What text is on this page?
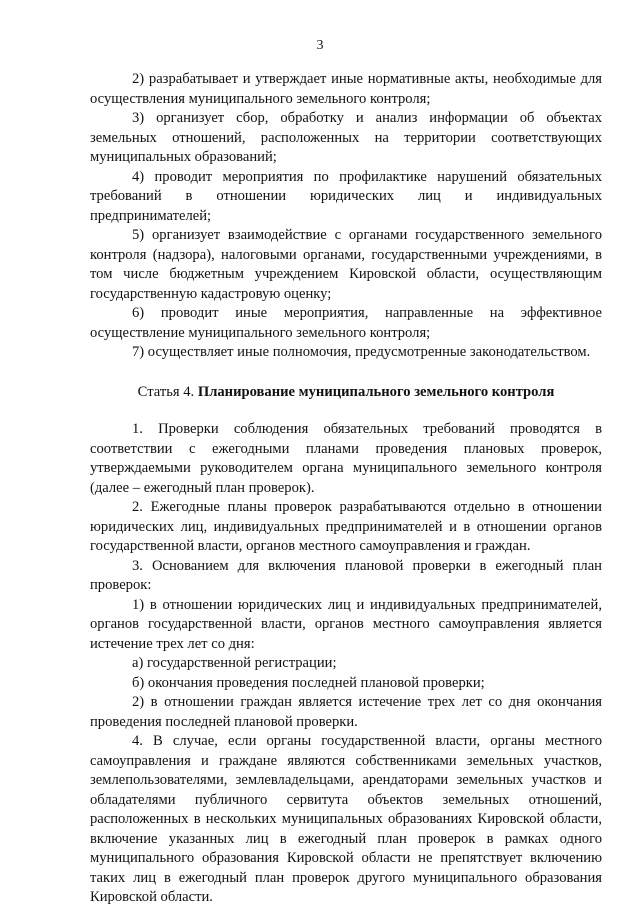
3

2) разрабатывает и утверждает иные нормативные акты, необходимые для осуществления муниципального земельного контроля;

3) организует сбор, обработку и анализ информации об объектах земельных отношений, расположенных на территории соответствующих муниципальных образований;

4) проводит мероприятия по профилактике нарушений обязательных требований в отношении юридических лиц и индивидуальных предпринимателей;

5) организует взаимодействие с органами государственного земельного контроля (надзора), налоговыми органами, государственными учреждениями, в том числе бюджетным учреждением Кировской области, осуществляющим государственную кадастровую оценку;

6) проводит иные мероприятия, направленные на эффективное осуществление муниципального земельного контроля;

7) осуществляет иные полномочия, предусмотренные законодательством.

Статья 4. Планирование муниципального земельного контроля

1. Проверки соблюдения обязательных требований проводятся в соответствии с ежегодными планами проведения плановых проверок, утверждаемыми руководителем органа муниципального земельного контроля (далее – ежегодный план проверок).

2. Ежегодные планы проверок разрабатываются отдельно в отношении юридических лиц, индивидуальных предпринимателей и в отношении органов государственной власти, органов местного самоуправления и граждан.

3. Основанием для включения плановой проверки в ежегодный план проверок:

1) в отношении юридических лиц и индивидуальных предпринимателей, органов государственной власти, органов местного самоуправления является истечение трех лет со дня:

а) государственной регистрации;

б) окончания проведения последней плановой проверки;

2) в отношении граждан является истечение трех лет со дня окончания проведения последней плановой проверки.

4. В случае, если органы государственной власти, органы местного самоуправления и граждане являются собственниками земельных участков, землепользователями, землевладельцами, арендаторами земельных участков и обладателями публичного сервитута объектов земельных отношений, расположенных в нескольких муниципальных образованиях Кировской области, включение указанных лиц в ежегодный план проверок в рамках одного муниципального образования Кировской области не препятствует включению таких лиц в ежегодный план проверок другого муниципального образования Кировской области.
